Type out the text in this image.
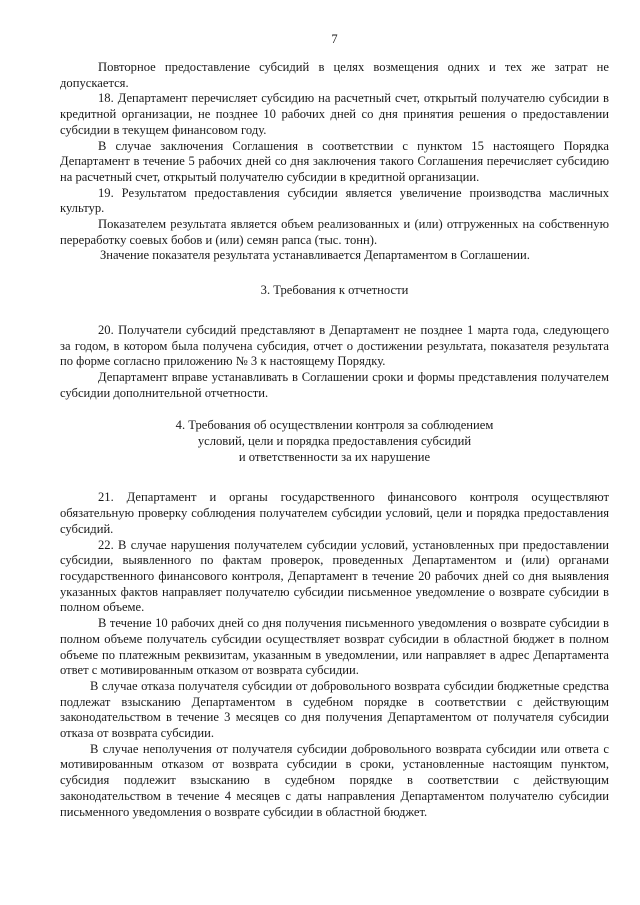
7

Повторное предоставление субсидий в целях возмещения одних и тех же затрат не допускается.

18. Департамент перечисляет субсидию на расчетный счет, открытый получателю субсидии в кредитной организации, не позднее 10 рабочих дней со дня принятия решения о предоставлении субсидии в текущем финансовом году.

В случае заключения Соглашения в соответствии с пунктом 15 настоящего Порядка Департамент в течение 5 рабочих дней со дня заключения такого Соглашения перечисляет субсидию на расчетный счет, открытый получателю субсидии в кредитной организации.

19. Результатом предоставления субсидии является увеличение производства масличных культур.

Показателем результата является объем реализованных и (или) отгруженных на собственную переработку соевых бобов и (или) семян рапса (тыс. тонн).

Значение показателя результата устанавливается Департаментом в Соглашении.

3. Требования к отчетности

20. Получатели субсидий представляют в Департамент не позднее 1 марта года, следующего за годом, в котором была получена субсидия, отчет о достижении результата, показателя результата по форме согласно приложению № 3 к настоящему Порядку.

Департамент вправе устанавливать в Соглашении сроки и формы представления получателем субсидии дополнительной отчетности.

4. Требования об осуществлении контроля за соблюдением
условий, цели и порядка предоставления субсидий
и ответственности за их нарушение

21. Департамент и органы государственного финансового контроля осуществляют обязательную проверку соблюдения получателем субсидии условий, цели и порядка предоставления субсидий.

22. В случае нарушения получателем субсидии условий, установленных при предоставлении субсидии, выявленного по фактам проверок, проведенных Департаментом и (или) органами государственного финансового контроля, Департамент в течение 20 рабочих дней со дня выявления указанных фактов направляет получателю субсидии письменное уведомление о возврате субсидии в полном объеме.

В течение 10 рабочих дней со дня получения письменного уведомления о возврате субсидии в полном объеме получатель субсидии осуществляет возврат субсидии в областной бюджет в полном объеме по платежным реквизитам, указанным в уведомлении, или направляет в адрес Департамента ответ с мотивированным отказом от возврата субсидии.

В случае отказа получателя субсидии от добровольного возврата субсидии бюджетные средства подлежат взысканию Департаментом в судебном порядке в соответствии с действующим законодательством в течение 3 месяцев со дня получения Департаментом от получателя субсидии отказа от возврата субсидии.

В случае неполучения от получателя субсидии добровольного возврата субсидии или ответа с мотивированным отказом от возврата субсидии в сроки, установленные настоящим пунктом, субсидия подлежит взысканию в судебном порядке в соответствии с действующим законодательством в течение 4 месяцев с даты направления Департаментом получателю субсидии письменного уведомления о возврате субсидии в областной бюджет.
